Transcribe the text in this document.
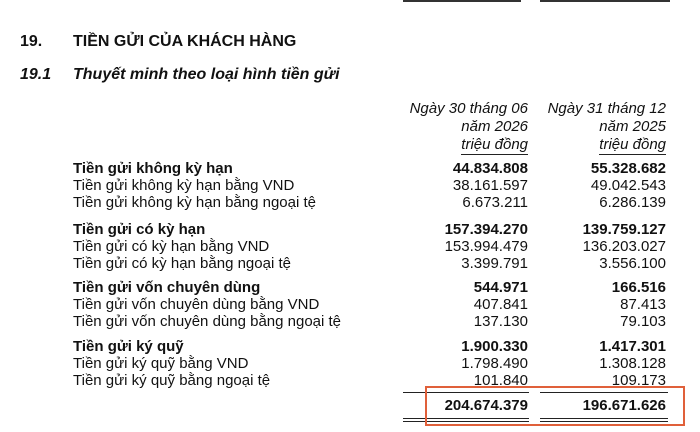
19. TIỀN GỬI CỦA KHÁCH HÀNG
19.1 Thuyết minh theo loại hình tiền gửi
Ngày 30 tháng 06
năm 2026
triệu đồng
Ngày 31 tháng 12
năm 2025
triệu đồng
Tiền gửi không kỳ hạn	44.834.808	55.328.682
Tiền gửi không kỳ hạn bằng VND	38.161.597	49.042.543
Tiền gửi không kỳ hạn bằng ngoại tệ	6.673.211	6.286.139
Tiền gửi có kỳ hạn	157.394.270	139.759.127
Tiền gửi có kỳ hạn bằng VND	153.994.479	136.203.027
Tiền gửi có kỳ hạn bằng ngoại tệ	3.399.791	3.556.100
Tiền gửi vốn chuyên dùng	544.971	166.516
Tiền gửi vốn chuyên dùng bằng VND	407.841	87.413
Tiền gửi vốn chuyên dùng bằng ngoại tệ	137.130	79.103
Tiền gửi ký quỹ	1.900.330	1.417.301
Tiền gửi ký quỹ bằng VND	1.798.490	1.308.128
Tiền gửi ký quỹ bằng ngoại tệ	101.840	109.173
204.674.379	196.671.626
